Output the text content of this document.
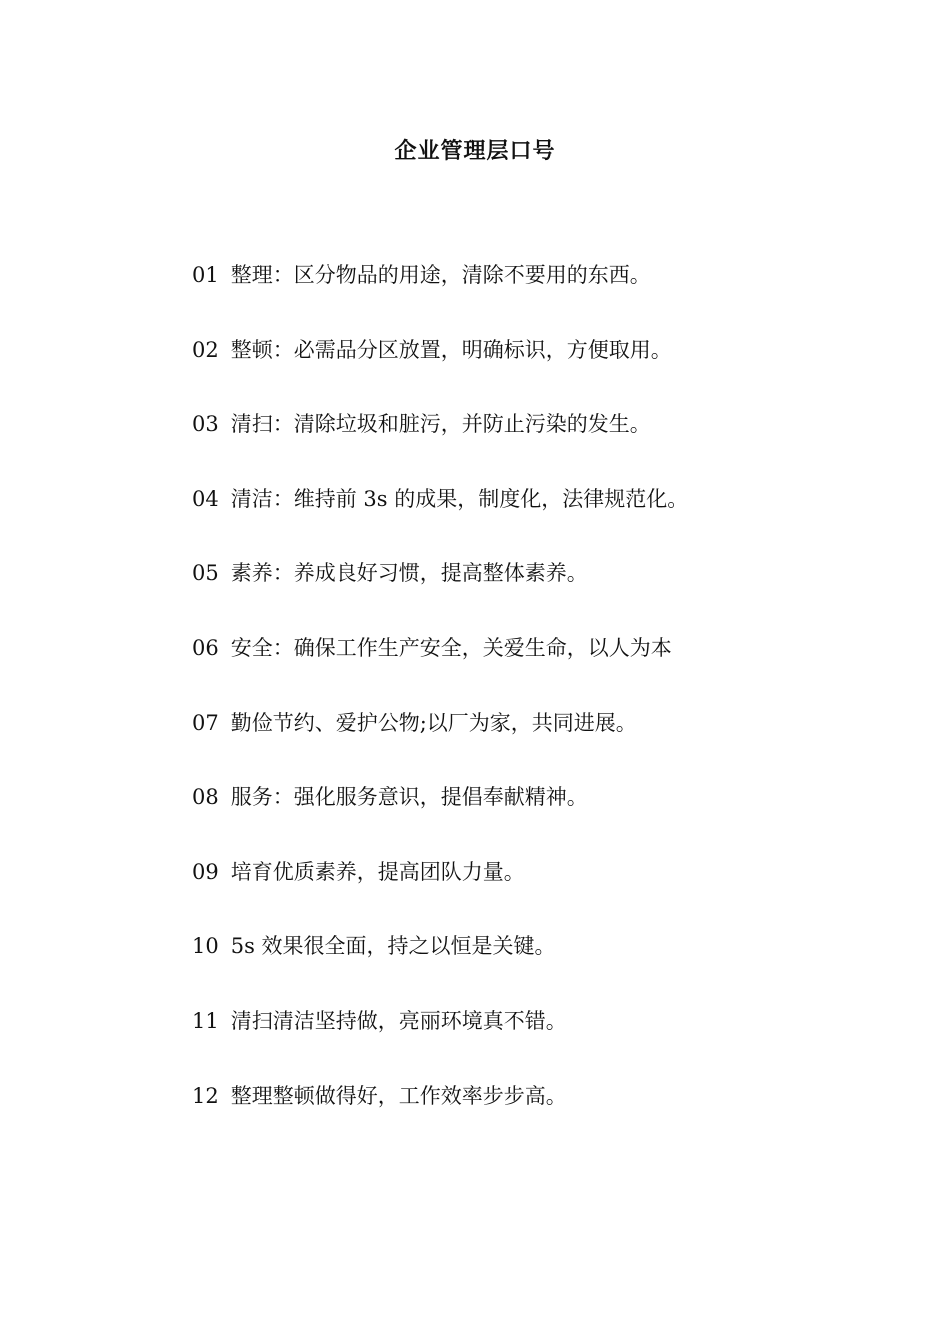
企业管理层口号
01 整理：区分物品的用途，清除不要用的东西。
02 整顿：必需品分区放置，明确标识，方便取用。
03 清扫：清除垃圾和脏污，并防止污染的发生。
04 清洁：维持前 3s 的成果，制度化，法律规范化。
05 素养：养成良好习惯，提高整体素养。
06 安全：确保工作生产安全，关爱生命，以人为本
07 勤俭节约、爱护公物;以厂为家，共同进展。
08 服务：强化服务意识，提倡奉献精神。
09 培育优质素养，提高团队力量。
10 5s 效果很全面，持之以恒是关键。
11 清扫清洁坚持做，亮丽环境真不错。
12 整理整顿做得好，工作效率步步高。
